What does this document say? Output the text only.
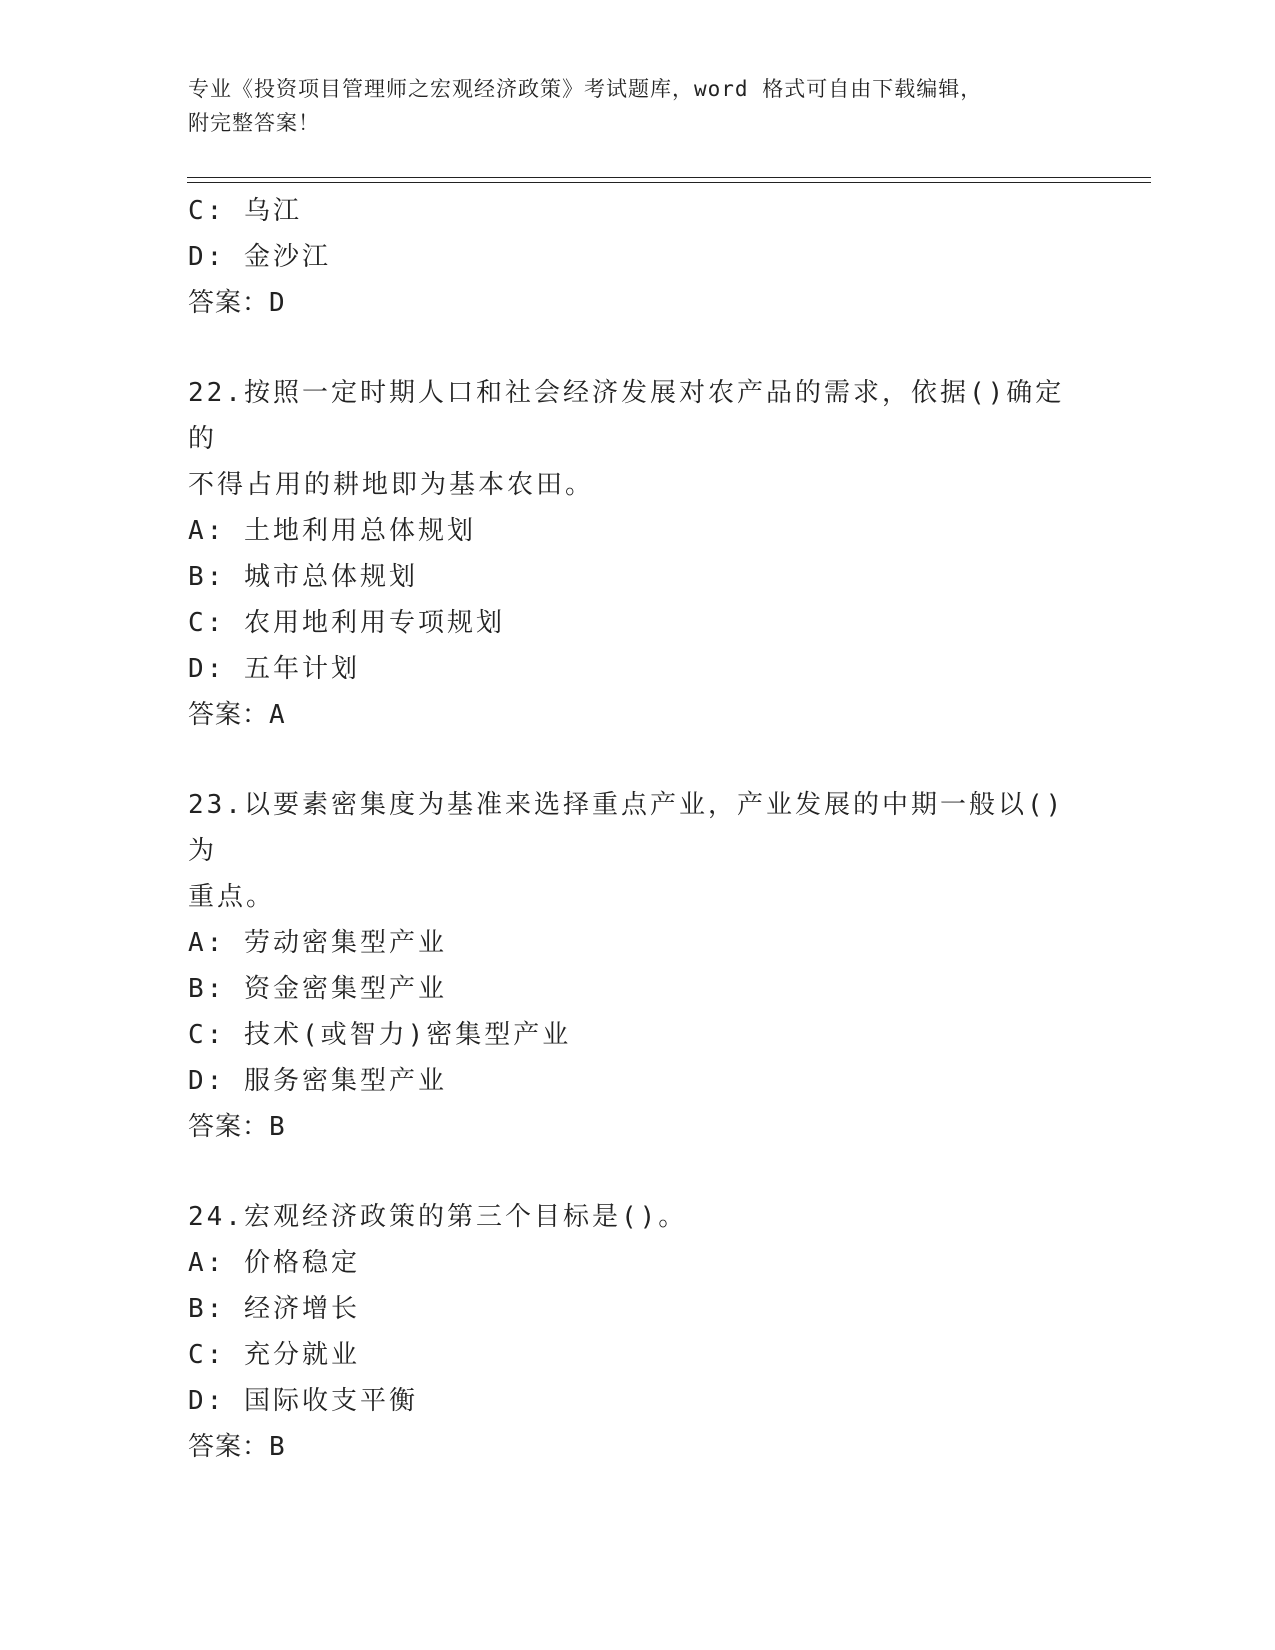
专业《投资项目管理师之宏观经济政策》考试题库，word 格式可自由下载编辑，
附完整答案！
C: 乌江
D: 金沙江
答案：D
22.按照一定时期人口和社会经济发展对农产品的需求，依据()确定的
不得占用的耕地即为基本农田。
A: 土地利用总体规划
B: 城市总体规划
C: 农用地利用专项规划
D: 五年计划
答案：A
23.以要素密集度为基准来选择重点产业，产业发展的中期一般以()为
重点。
A: 劳动密集型产业
B: 资金密集型产业
C: 技术(或智力)密集型产业
D: 服务密集型产业
答案：B
24.宏观经济政策的第三个目标是()。
A: 价格稳定
B: 经济增长
C: 充分就业
D: 国际收支平衡
答案：B
